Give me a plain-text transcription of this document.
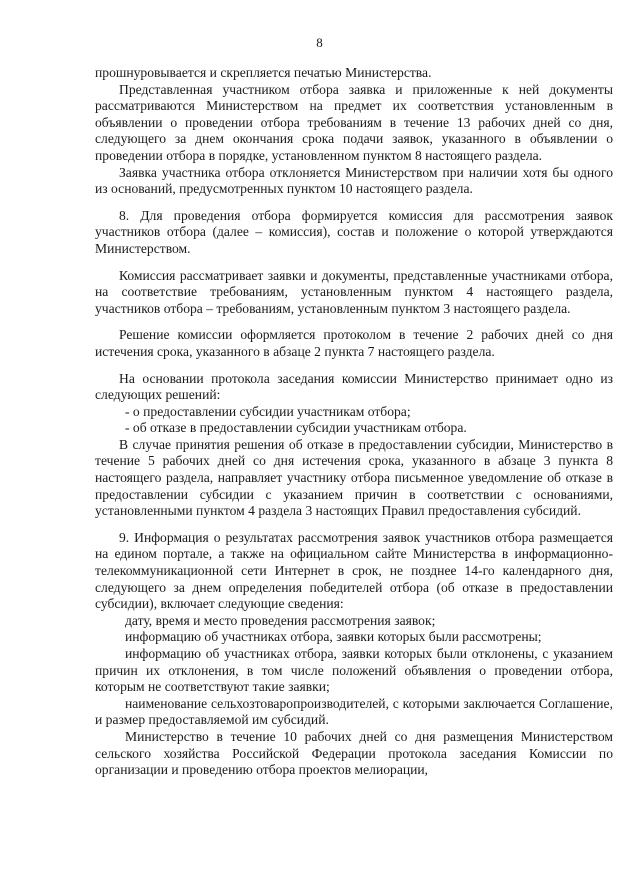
8

прошнуровывается и скрепляется печатью Министерства.

Представленная участником отбора заявка и приложенные к ней документы рассматриваются Министерством на предмет их соответствия установленным в объявлении о проведении отбора требованиям в течение 13 рабочих дней со дня, следующего за днем окончания срока подачи заявок, указанного в объявлении о проведении отбора в порядке, установленном пунктом 8 настоящего раздела.

Заявка участника отбора отклоняется Министерством при наличии хотя бы одного из оснований, предусмотренных пунктом 10 настоящего раздела.

8. Для проведения отбора формируется комиссия для рассмотрения заявок участников отбора (далее – комиссия), состав и положение о которой утверждаются Министерством.

Комиссия рассматривает заявки и документы, представленные участниками отбора, на соответствие требованиям, установленным пунктом 4 настоящего раздела, участников отбора – требованиям, установленным пунктом 3 настоящего раздела.

Решение комиссии оформляется протоколом в течение 2 рабочих дней со дня истечения срока, указанного в абзаце 2 пункта 7 настоящего раздела.

На основании протокола заседания комиссии Министерство принимает одно из следующих решений:

- о предоставлении субсидии участникам отбора;

- об отказе в предоставлении субсидии участникам отбора.

В случае принятия решения об отказе в предоставлении субсидии, Министерство в течение 5 рабочих дней со дня истечения срока, указанного в абзаце 3 пункта 8 настоящего раздела, направляет участнику отбора письменное уведомление об отказе в предоставлении субсидии с указанием причин в соответствии с основаниями, установленными пунктом 4 раздела 3 настоящих Правил предоставления субсидий.

9. Информация о результатах рассмотрения заявок участников отбора размещается на едином портале, а также на официальном сайте Министерства в информационно-телекоммуникационной сети Интернет в срок, не позднее 14-го календарного дня, следующего за днем определения победителей отбора (об отказе в предоставлении субсидии), включает следующие сведения:

дату, время и место проведения рассмотрения заявок;

информацию об участниках отбора, заявки которых были рассмотрены;

информацию об участниках отбора, заявки которых были отклонены, с указанием причин их отклонения, в том числе положений объявления о проведении отбора, которым не соответствуют такие заявки;

наименование сельхозтоваропроизводителей, с которыми заключается Соглашение, и размер предоставляемой им субсидий.

Министерство в течение 10 рабочих дней со дня размещения Министерством сельского хозяйства Российской Федерации протокола заседания Комиссии по организации и проведению отбора проектов мелиорации,
